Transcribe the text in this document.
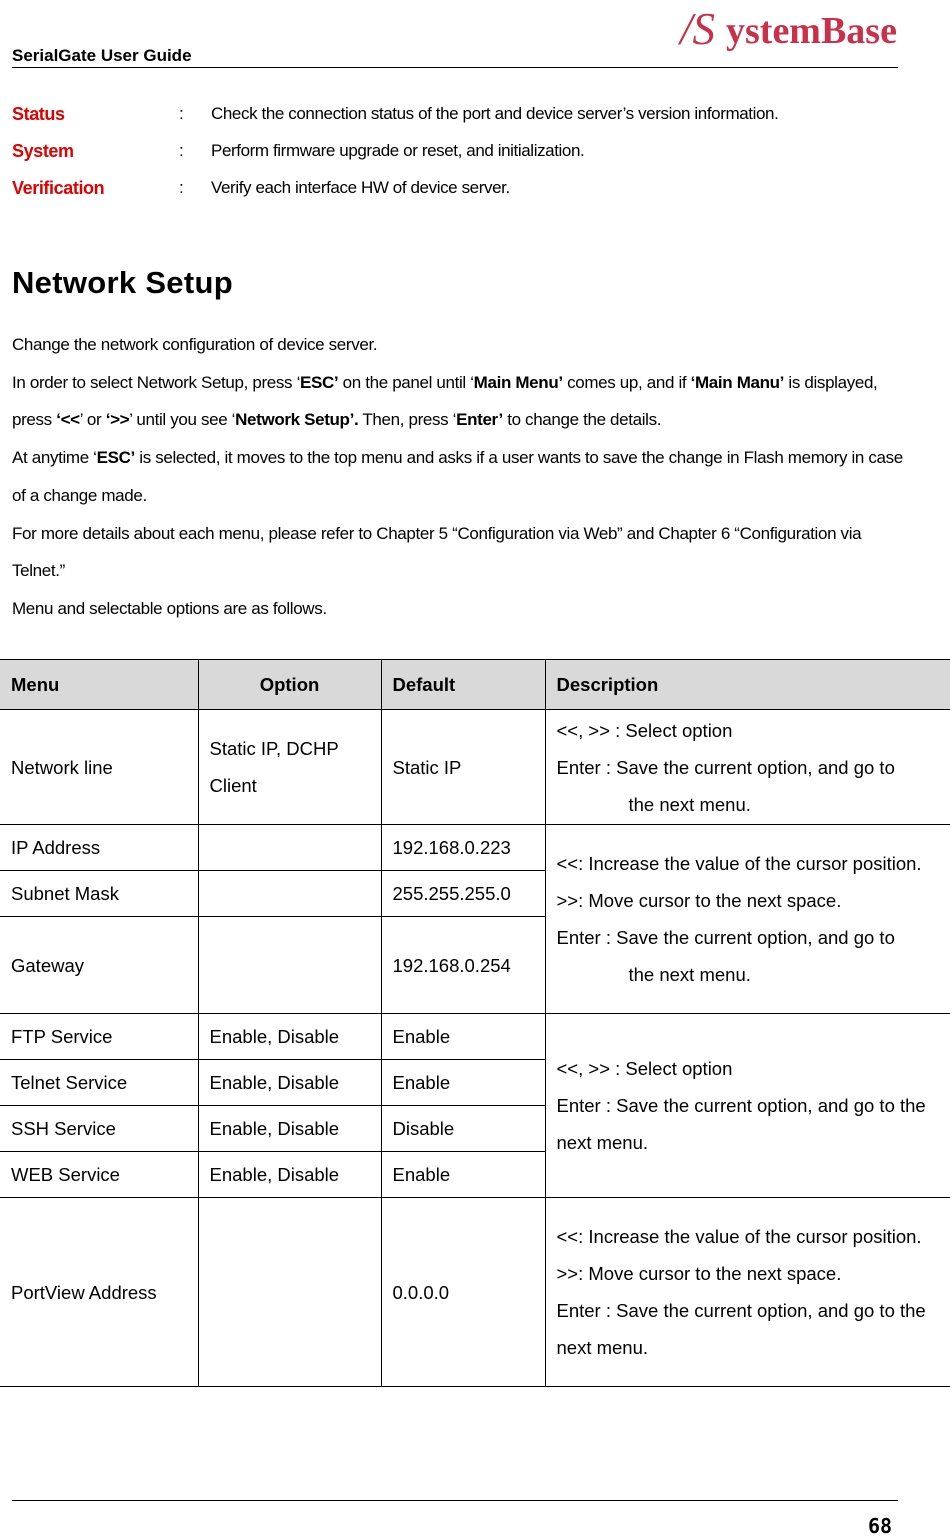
SerialGate User Guide
/S ystemBase
Status	: Check the connection status of the port and device server’s version information.
System	: Perform firmware upgrade or reset, and initialization.
Verification	: Verify each interface HW of device server.
Network Setup

Change the network configuration of device server.

In order to select Network Setup, press ‘ESC’ on the panel until ‘Main Menu’ comes up, and if ‘Main Manu’ is displayed, press ‘<<’ or ‘>>’ until you see ‘Network Setup’. Then, press ‘Enter’ to change the details.

At anytime ‘ESC’ is selected, it moves to the top menu and asks if a user wants to save the change in Flash memory in case of a change made.

For more details about each menu, please refer to Chapter 5 “Configuration via Web” and Chapter 6 “Configuration via Telnet.”

Menu and selectable options are as follows.

Menu	Option	Default	Description
Network line	Static IP, DCHP Client	Static IP	<<, >> : Select option
Enter : Save the current option, and go to
the next menu.

IP Address		192.168.0.223	<<: Increase the value of the cursor position.
>>: Move cursor to the next space.
Enter : Save the current option, and go to
the next menu.

Subnet Mask		255.255.255.0	
Gateway		192.168.0.254	
FTP Service	Enable, Disable	Enable	<<, >> : Select option
Enter : Save the current option, and go to the next menu.

Telnet Service	Enable, Disable	Enable	
SSH Service	Enable, Disable	Disable	
WEB Service	Enable, Disable	Enable	
PortView Address		0.0.0.0	<<: Increase the value of the cursor position.
>>: Move cursor to the next space.
Enter : Save the current option, and go to the next menu.
68
